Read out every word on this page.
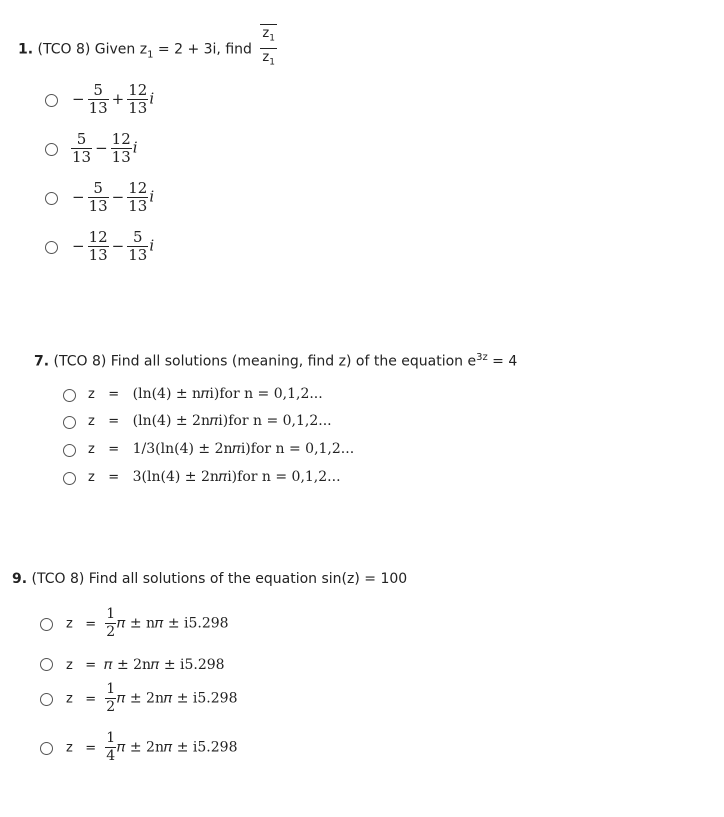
1. (TCO 8) Given $z_1 = 2 + 3i$, find $\frac{z_1}{z_1}$
− $\frac{5}{13} + \frac{12}{13}$ i
$\frac{5}{13} - \frac{12}{13}$ i
− $\frac{5}{13} - \frac{12}{13}$ i
− $\frac{12}{13} - \frac{5}{13}$ i
7. (TCO 8) Find all solutions (meaning, find z) of the equation $e^{3z} = 4$
z = (ln(4) ± n𝜋i)for n = 0,1,2...
z = (ln(4) ± 2n𝜋i)for n = 0,1,2...
z = 1/3(ln(4) ± 2n𝜋i)for n = 0,1,2...
z = 3(ln(4) ± 2n𝜋i)for n = 0,1,2...
9. (TCO 8) Find all solutions of the equation sin(z) = 100
$z = \frac{1}{2}$ 𝜋 ± n𝜋 ± i5.298
z = 𝜋 ± 2n𝜋 ± i5.298
$z = \frac{1}{2}$ 𝜋 ± 2n𝜋 ± i5.298
$z = \frac{1}{4}$ 𝜋 ± 2n𝜋 ± i5.298
